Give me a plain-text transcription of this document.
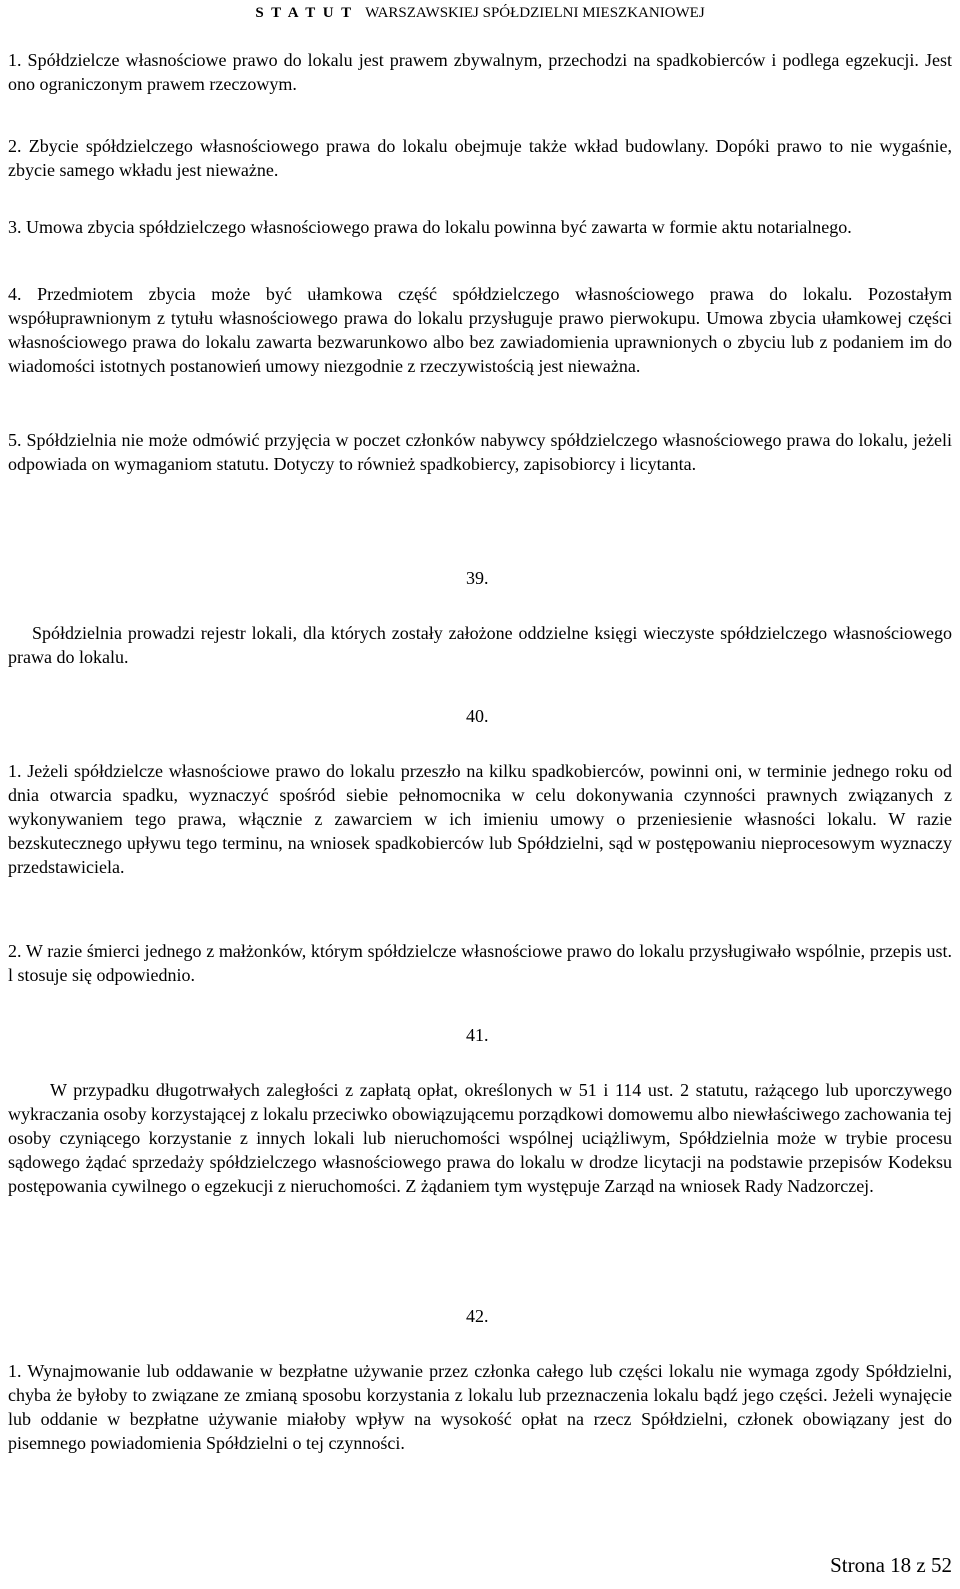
S T A T U T WARSZAWSKIEJ SPÓŁDZIELNI MIESZKANIOWEJ

1. Spółdzielcze własnościowe prawo do lokalu jest prawem zbywalnym, przechodzi na spadkobierców i podlega egzekucji. Jest ono ograniczonym prawem rzeczowym.

2. Zbycie spółdzielczego własnościowego prawa do lokalu obejmuje także wkład budowlany. Dopóki prawo to nie wygaśnie, zbycie samego wkładu jest nieważne.

3. Umowa zbycia spółdzielczego własnościowego prawa do lokalu powinna być zawarta w formie aktu notarialnego.

4. Przedmiotem zbycia może być ułamkowa część spółdzielczego własnościowego prawa do lokalu. Pozostałym współuprawnionym z tytułu własnościowego prawa do lokalu przysługuje prawo pierwokupu. Umowa zbycia ułamkowej części własnościowego prawa do lokalu zawarta bezwarunkowo albo bez zawiadomienia uprawnionych o zbyciu lub z podaniem im do wiadomości istotnych postanowień umowy niezgodnie z rzeczywistością jest nieważna.

5. Spółdzielnia nie może odmówić przyjęcia w poczet członków nabywcy spółdzielczego własnościowego prawa do lokalu, jeżeli odpowiada on wymaganiom statutu. Dotyczy to również spadkobiercy, zapisobiorcy i licytanta.

39.

Spółdzielnia prowadzi rejestr lokali, dla których zostały założone oddzielne księgi wieczyste spółdzielczego własnościowego prawa do lokalu.

40.

1. Jeżeli spółdzielcze własnościowe prawo do lokalu przeszło na kilku spadkobierców, powinni oni, w terminie jednego roku od dnia otwarcia spadku, wyznaczyć spośród siebie pełnomocnika w celu dokonywania czynności prawnych związanych z wykonywaniem tego prawa, włącznie z zawarciem w ich imieniu umowy o przeniesienie własności lokalu. W razie bezskutecznego upływu tego terminu, na wniosek spadkobierców lub Spółdzielni, sąd w postępowaniu nieprocesowym wyznaczy przedstawiciela.

2. W razie śmierci jednego z małżonków, którym spółdzielcze własnościowe prawo do lokalu przysługiwało wspólnie, przepis ust. l stosuje się odpowiednio.

41.

W przypadku długotrwałych zaległości z zapłatą opłat, określonych w 51 i 114 ust. 2 statutu, rażącego lub uporczywego wykraczania osoby korzystającej z lokalu przeciwko obowiązującemu porządkowi domowemu albo niewłaściwego zachowania tej osoby czyniącego korzystanie z innych lokali lub nieruchomości wspólnej uciążliwym, Spółdzielnia może w trybie procesu sądowego żądać sprzedaży spółdzielczego własnościowego prawa do lokalu w drodze licytacji na podstawie przepisów Kodeksu postępowania cywilnego o egzekucji z nieruchomości. Z żądaniem tym występuje Zarząd na wniosek Rady Nadzorczej.

42.

1. Wynajmowanie lub oddawanie w bezpłatne używanie przez członka całego lub części lokalu nie wymaga zgody Spółdzielni, chyba że byłoby to związane ze zmianą sposobu korzystania z lokalu lub przeznaczenia lokalu bądź jego części. Jeżeli wynajęcie lub oddanie w bezpłatne używanie miałoby wpływ na wysokość opłat na rzecz Spółdzielni, członek obowiązany jest do pisemnego powiadomienia Spółdzielni o tej czynności.

Strona 18 z 52
